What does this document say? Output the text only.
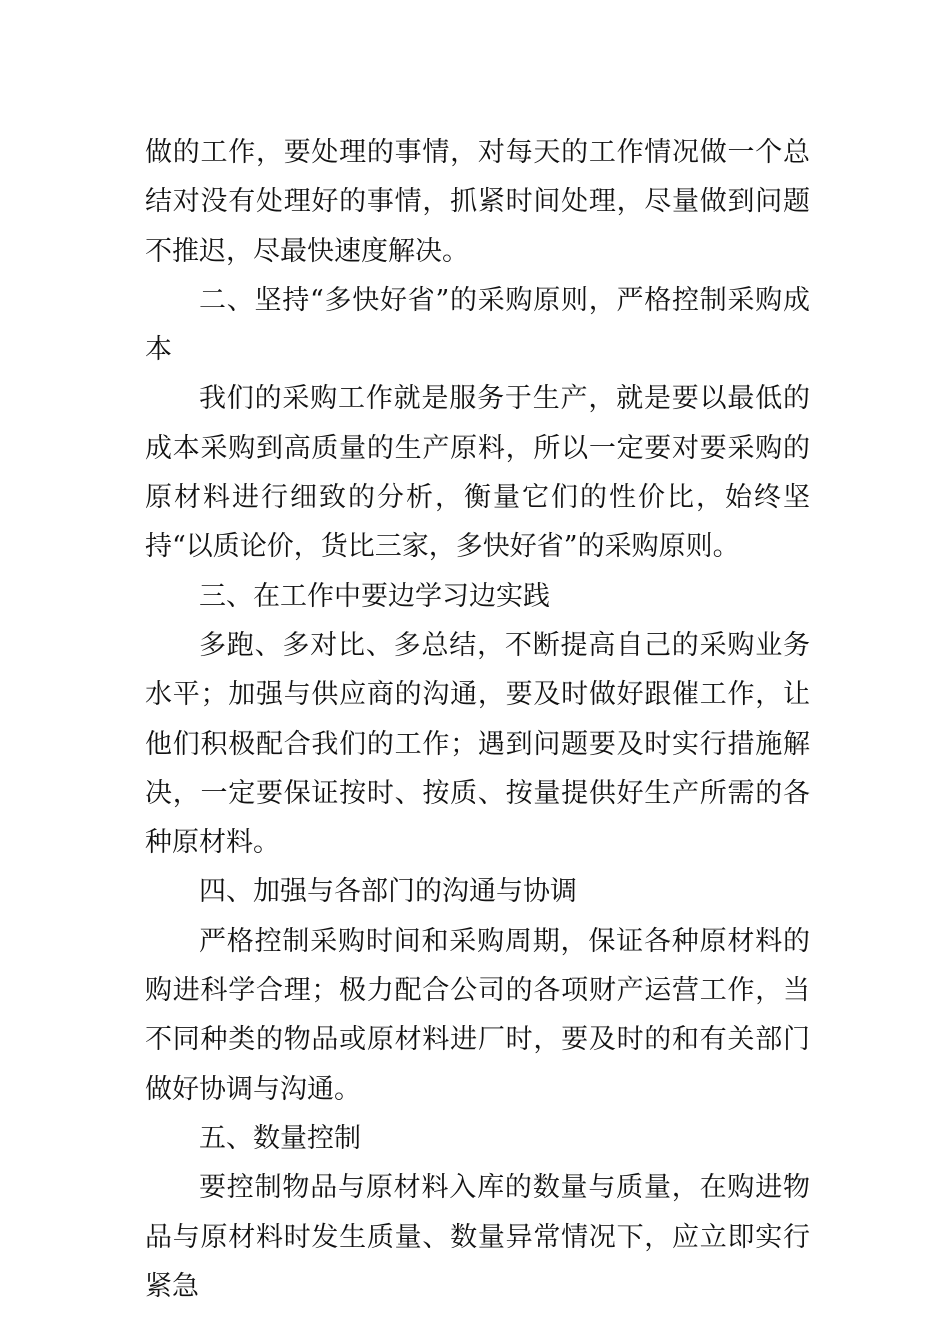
做的工作，要处理的事情，对每天的工作情况做一个总结对没有处理好的事情，抓紧时间处理，尽量做到问题不推迟，尽最快速度解决。

二、坚持“多快好省”的采购原则，严格控制采购成本

我们的采购工作就是服务于生产，就是要以最低的成本采购到高质量的生产原料，所以一定要对要采购的原材料进行细致的分析，衡量它们的性价比，始终坚持“以质论价，货比三家，多快好省”的采购原则。

三、在工作中要边学习边实践

多跑、多对比、多总结，不断提高自己的采购业务水平；加强与供应商的沟通，要及时做好跟催工作，让他们积极配合我们的工作；遇到问题要及时实行措施解决，一定要保证按时、按质、按量提供好生产所需的各种原材料。

四、加强与各部门的沟通与协调

严格控制采购时间和采购周期，保证各种原材料的购进科学合理；极力配合公司的各项财产运营工作，当不同种类的物品或原材料进厂时，要及时的和有关部门做好协调与沟通。

五、数量控制

要控制物品与原材料入库的数量与质量，在购进物品与原材料时发生质量、数量异常情况下，应立即实行紧急
